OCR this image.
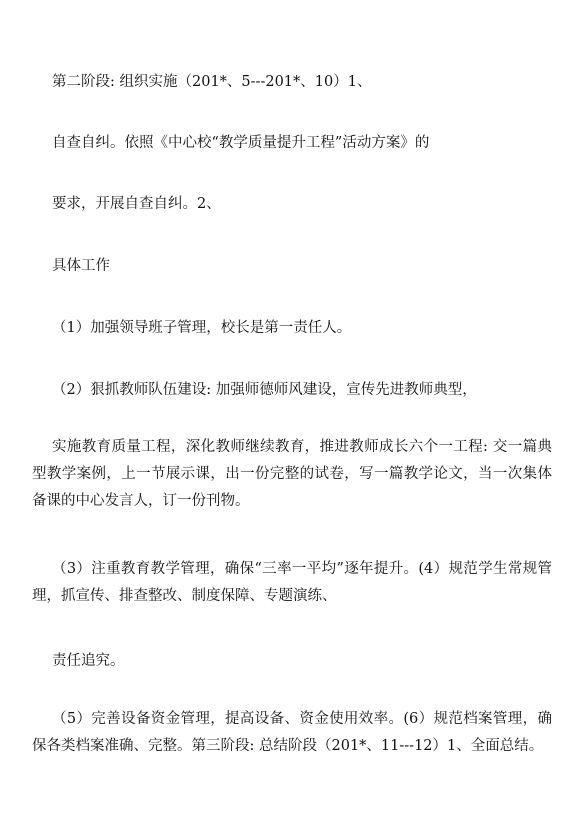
第二阶段: 组织实施（201*、5---201*、10）1、
自查自纠。依照《中心校“教学质量提升工程”活动方案》的
要求，开展自查自纠。2、
具体工作
（1）加强领导班子管理，校长是第一责任人。
（2）狠抓教师队伍建设: 加强师德师风建设，宣传先进教师典型，
实施教育质量工程，深化教师继续教育，推进教师成长六个一工程: 交一篇典型教学案例，上一节展示课，出一份完整的试卷，写一篇教学论文，当一次集体备课的中心发言人，订一份刊物。
（3）注重教育教学管理，确保“三率一平均”逐年提升。(4）规范学生常规管理，抓宣传、排查整改、制度保障、专题演练、
责任追究。
（5）完善设备资金管理，提高设备、资金使用效率。(6）规范档案管理，确保各类档案准确、完整。第三阶段: 总结阶段（201*、11---12）1、全面总结。
